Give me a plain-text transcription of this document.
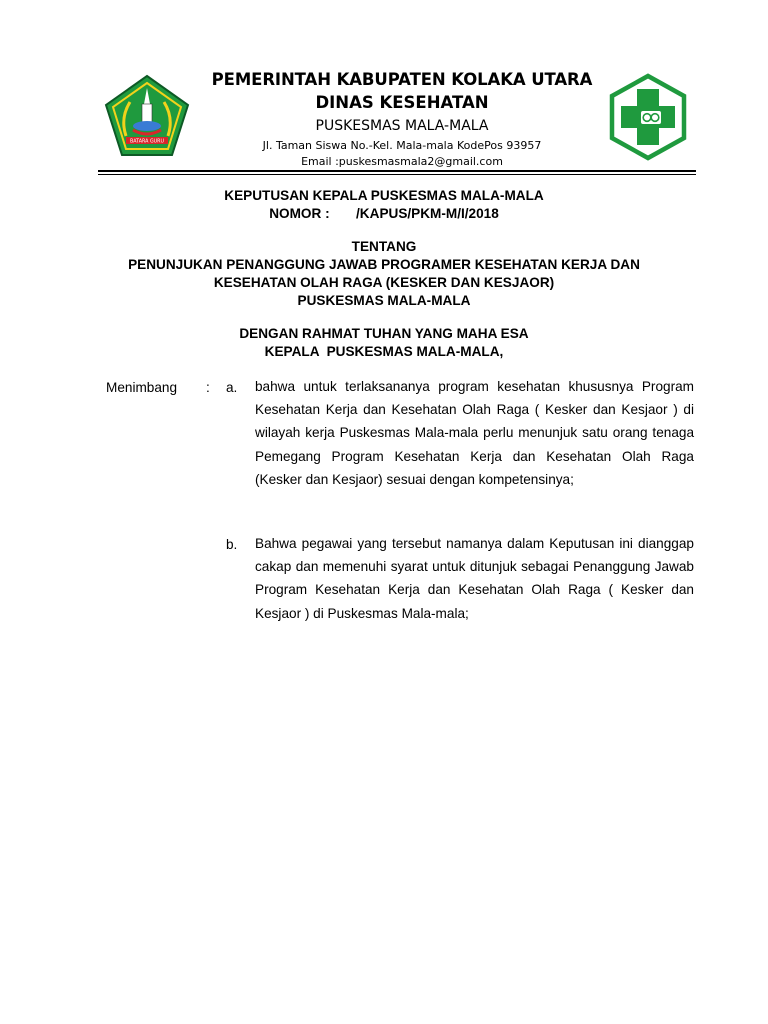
BATARA GURU
PEMERINTAH KABUPATEN KOLAKA UTARA
DINAS KESEHATAN
PUSKESMAS MALA-MALA
Jl. Taman Siswa No.-Kel. Mala-mala KodePos 93957
Email :puskesmasmala2@gmail.com
KEPUTUSAN KEPALA PUSKESMAS MALA-MALA
NOMOR :       /KAPUS/PKM-M/I/2018
TENTANG
PENUNJUKAN PENANGGUNG JAWAB PROGRAMER KESEHATAN KERJA DAN
KESEHATAN OLAH RAGA (KESKER DAN KESJAOR)
PUSKESMAS MALA-MALA
DENGAN RAHMAT TUHAN YANG MAHA ESA
KEPALA  PUSKESMAS MALA-MALA,
Menimbang : a. bahwa untuk terlaksananya program kesehatan khususnya Program Kesehatan Kerja dan Kesehatan Olah Raga ( Kesker dan Kesjaor ) di wilayah kerja Puskesmas Mala-mala perlu menunjuk satu orang tenaga Pemegang Program Kesehatan Kerja dan Kesehatan Olah Raga (Kesker dan Kesjaor) sesuai dengan kompetensinya;
b. Bahwa pegawai yang tersebut namanya dalam Keputusan ini dianggap cakap dan memenuhi syarat untuk ditunjuk sebagai Penanggung Jawab Program Kesehatan Kerja dan Kesehatan Olah Raga ( Kesker dan Kesjaor ) di Puskesmas Mala-mala;
